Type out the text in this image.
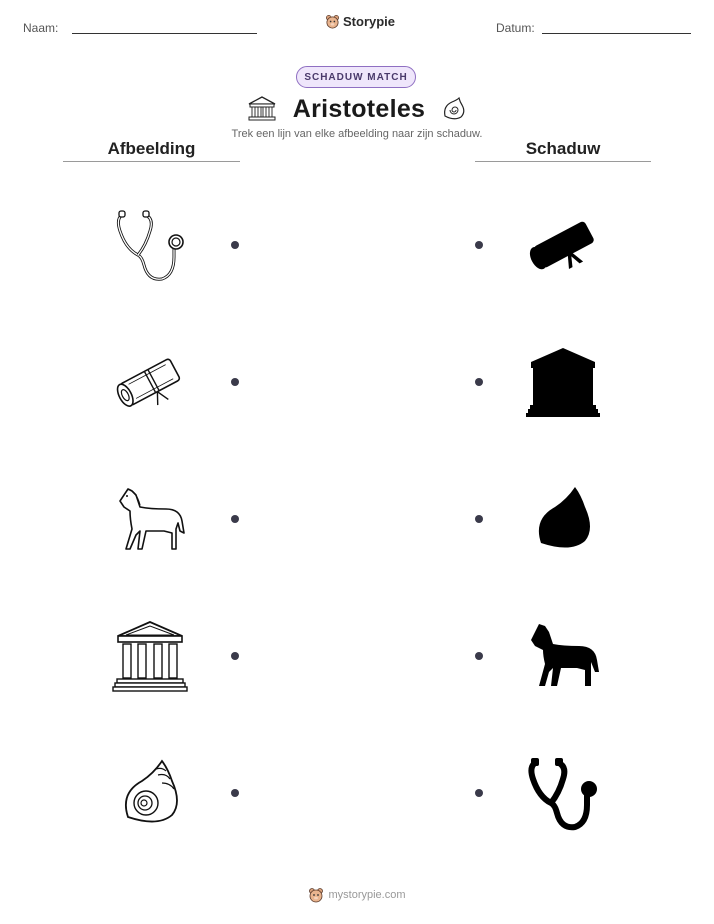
Naam:	Storypie	Datum:
SCHADUW MATCH
Aristoteles
Trek een lijn van elke afbeelding naar zijn schaduw.
Afbeelding	Schaduw
mystorypie.com
